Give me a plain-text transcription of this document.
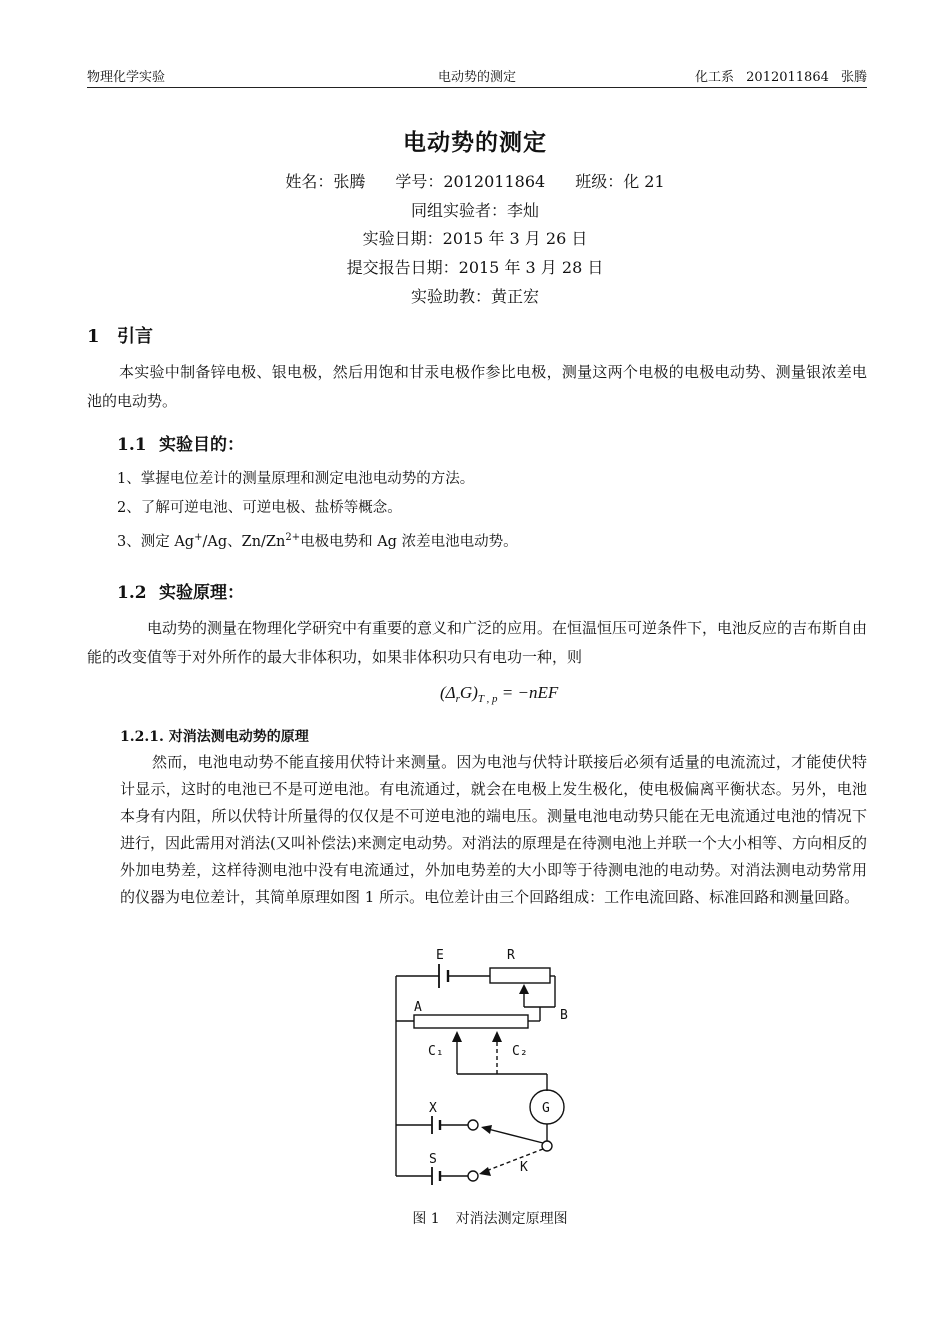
物理化学实验	电动势的测定	化工系 2012011864 张腾
电动势的测定
姓名：张腾 学号：2012011864 班级：化 21
同组实验者：李灿
实验日期：2015 年 3 月 26 日
提交报告日期：2015 年 3 月 28 日
实验助教：黄正宏
1 引言
本实验中制备锌电极、银电极，然后用饱和甘汞电极作参比电极，测量这两个电极的电极电动势、测量银浓差电池的电动势。
1.1 实验目的：
1、掌握电位差计的测量原理和测定电池电动势的方法。
2、了解可逆电池、可逆电极、盐桥等概念。
3、测定 Ag+/Ag、$Zn/Zn^{2+}$电极电势和 Ag 浓差电池电动势。
1.2 实验原理：
电动势的测量在物理化学研究中有重要的意义和广泛的应用。在恒温恒压可逆条件下，电池反应的吉布斯自由能的改变值等于对外所作的最大非体积功，如果非体积功只有电功一种，则
$(\Delta_rG)_{T , p} = -nEF$
1.2.1. 对消法测电动势的原理
然而，电池电动势不能直接用伏特计来测量。因为电池与伏特计联接后必须有适量的电流流过，才能使伏特计显示，这时的电池已不是可逆电池。有电流通过，就会在电极上发生极化，使电极偏离平衡状态。另外，电池本身有内阻，所以伏特计所量得的仅仅是不可逆电池的端电压。测量电池电动势只能在无电流通过电池的情况下进行，因此需用对消法(又叫补偿法)来测定电动势。对消法的原理是在待测电池上并联一个大小相等、方向相反的外加电势差，这样待测电池中没有电流通过，外加电势差的大小即等于待测电池的电动势。对消法测电动势常用的仪器为电位差计，其简单原理如图 1 所示。电位差计由三个回路组成：工作电流回路、标准回路和测量回路。
E	R
A
B
C₁	C₂
G
X
S
K
图 1 对消法测定原理图
